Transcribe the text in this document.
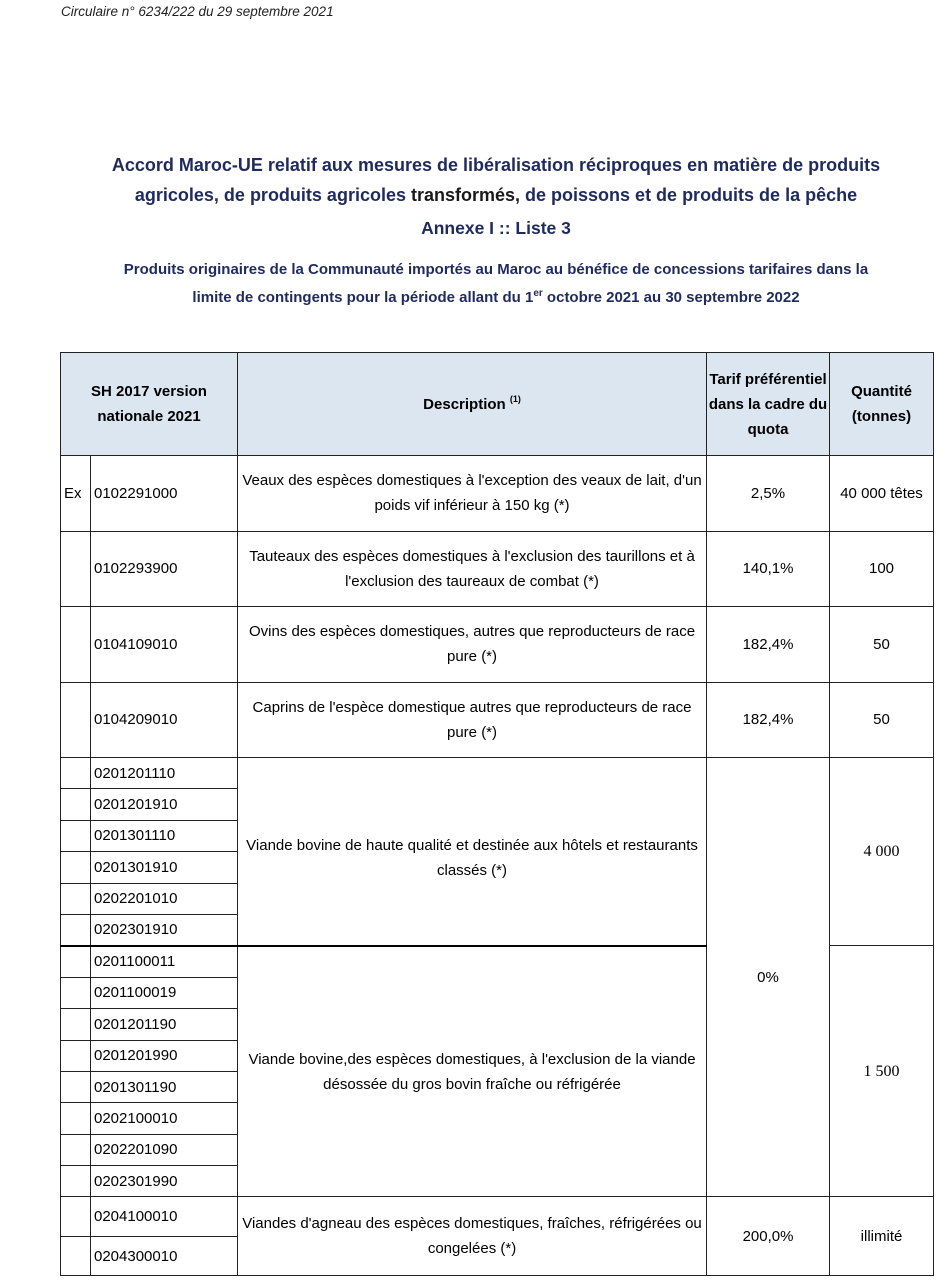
Circulaire n° 6234/222 du 29 septembre 2021
Accord Maroc-UE relatif aux mesures de libéralisation réciproques en matière de produits
agricoles, de produits agricoles transformés, de poissons et de produits de la pêche
Annexe I :: Liste 3
Produits originaires de la Communauté importés au Maroc au bénéfice de concessions tarifaires dans la
limite de contingents pour la période allant du 1er octobre 2021 au 30 septembre 2022
SH 2017 version nationale 2021		Description $^{(1)}$	Tarif préférentiel dans la cadre du quota	Quantité (tonnes)
Ex	0102291000	Veaux des espèces domestiques à l'exception des veaux de lait, d'un poids vif inférieur à 150 kg (*)	2,5%	40 000 têtes
	0102293900	Tauteaux des espèces domestiques à l'exclusion des taurillons et à l'exclusion des taureaux de combat (*)	140,1%	100
	0104109010	Ovins des espèces domestiques, autres que reproducteurs de race pure (*)	182,4%	50
	0104209010	Caprins de l'espèce domestique autres que reproducteurs de race pure (*)	182,4%	50
	0201201110	Viande bovine de haute qualité et destinée aux hôtels et restaurants classés (*)	0%	4 000
	0201201910			
	0201301110			
	0201301910			
	0202201010			
	0202301910			
	0201100011	Viande bovine,des espèces domestiques, à l'exclusion de la viande désossée du gros bovin fraîche ou réfrigérée		1 500
	0201100019			
	0201201190			
	0201201990			
	0201301190			
	0202100010			
	0202201090			
	0202301990			
	0204100010	Viandes d'agneau des espèces domestiques, fraîches, réfrigérées ou congelées (*)	200,0%	illimité
	0204300010			
